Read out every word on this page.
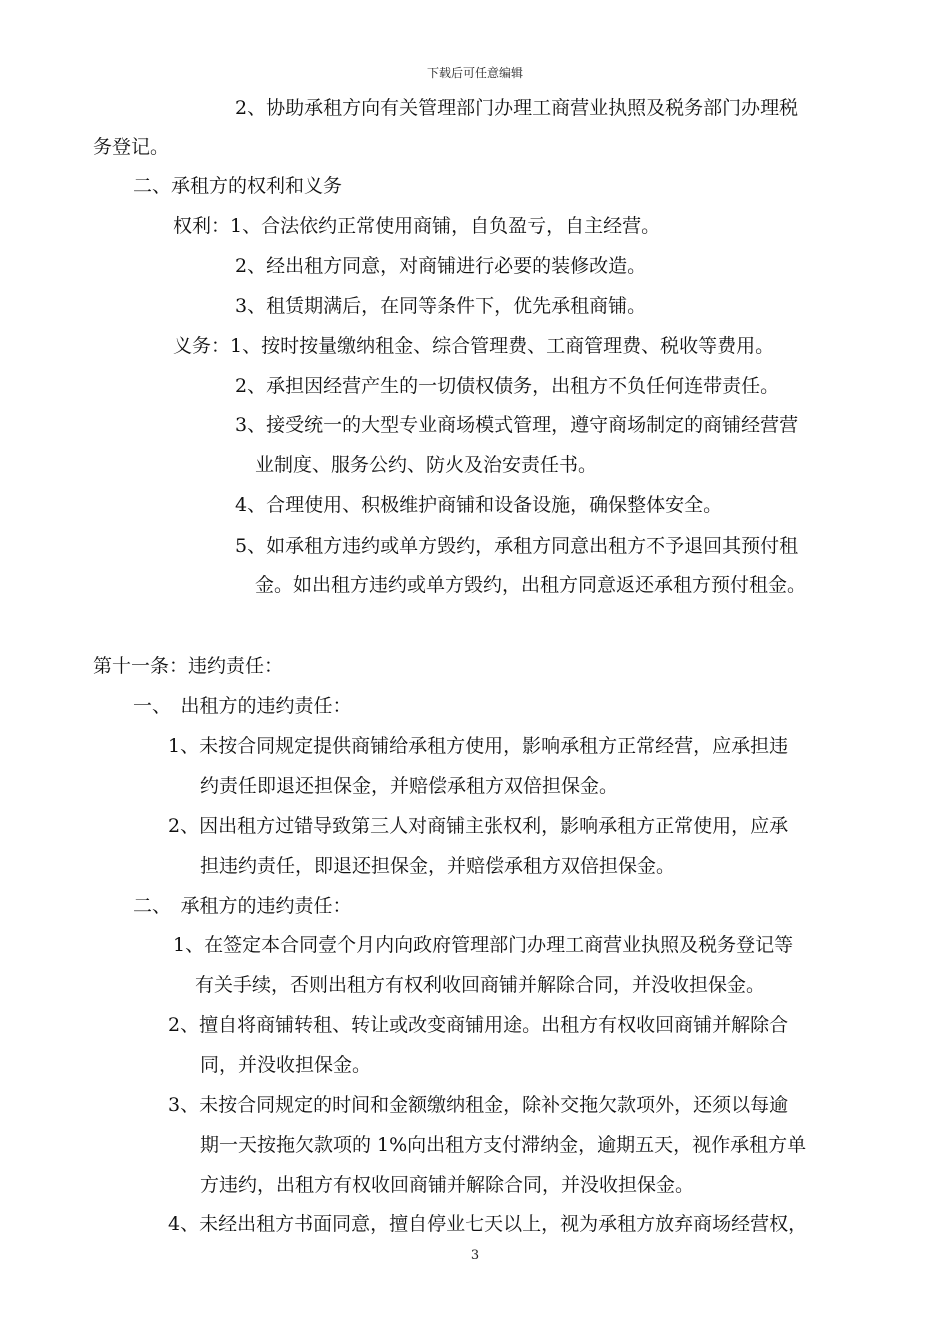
下载后可任意编辑
2、协助承租方向有关管理部门办理工商营业执照及税务部门办理税
务登记。
二、承租方的权利和义务
权利：1、合法依约正常使用商铺，自负盈亏，自主经营。
2、经出租方同意，对商铺进行必要的装修改造。
3、租赁期满后，在同等条件下，优先承租商铺。
义务：1、按时按量缴纳租金、综合管理费、工商管理费、税收等费用。
2、承担因经营产生的一切债权债务，出租方不负任何连带责任。
3、接受统一的大型专业商场模式管理，遵守商场制定的商铺经营营
业制度、服务公约、防火及治安责任书。
4、合理使用、积极维护商铺和设备设施，确保整体安全。
5、如承租方违约或单方毁约，承租方同意出租方不予退回其预付租
金。如出租方违约或单方毁约，出租方同意返还承租方预付租金。
第十一条：违约责任：
一、　出租方的违约责任：
1、未按合同规定提供商铺给承租方使用，影响承租方正常经营，应承担违
约责任即退还担保金，并赔偿承租方双倍担保金。
2、因出租方过错导致第三人对商铺主张权利，影响承租方正常使用，应承
担违约责任，即退还担保金，并赔偿承租方双倍担保金。
二、　承租方的违约责任：
1、在签定本合同壹个月内向政府管理部门办理工商营业执照及税务登记等
有关手续，否则出租方有权利收回商铺并解除合同，并没收担保金。
2、擅自将商铺转租、转让或改变商铺用途。出租方有权收回商铺并解除合
同，并没收担保金。
3、未按合同规定的时间和金额缴纳租金，除补交拖欠款项外，还须以每逾
期一天按拖欠款项的 1%向出租方支付滞纳金，逾期五天，视作承租方单
方违约，出租方有权收回商铺并解除合同，并没收担保金。
4、未经出租方书面同意，擅自停业七天以上，视为承租方放弃商场经营权，
3
